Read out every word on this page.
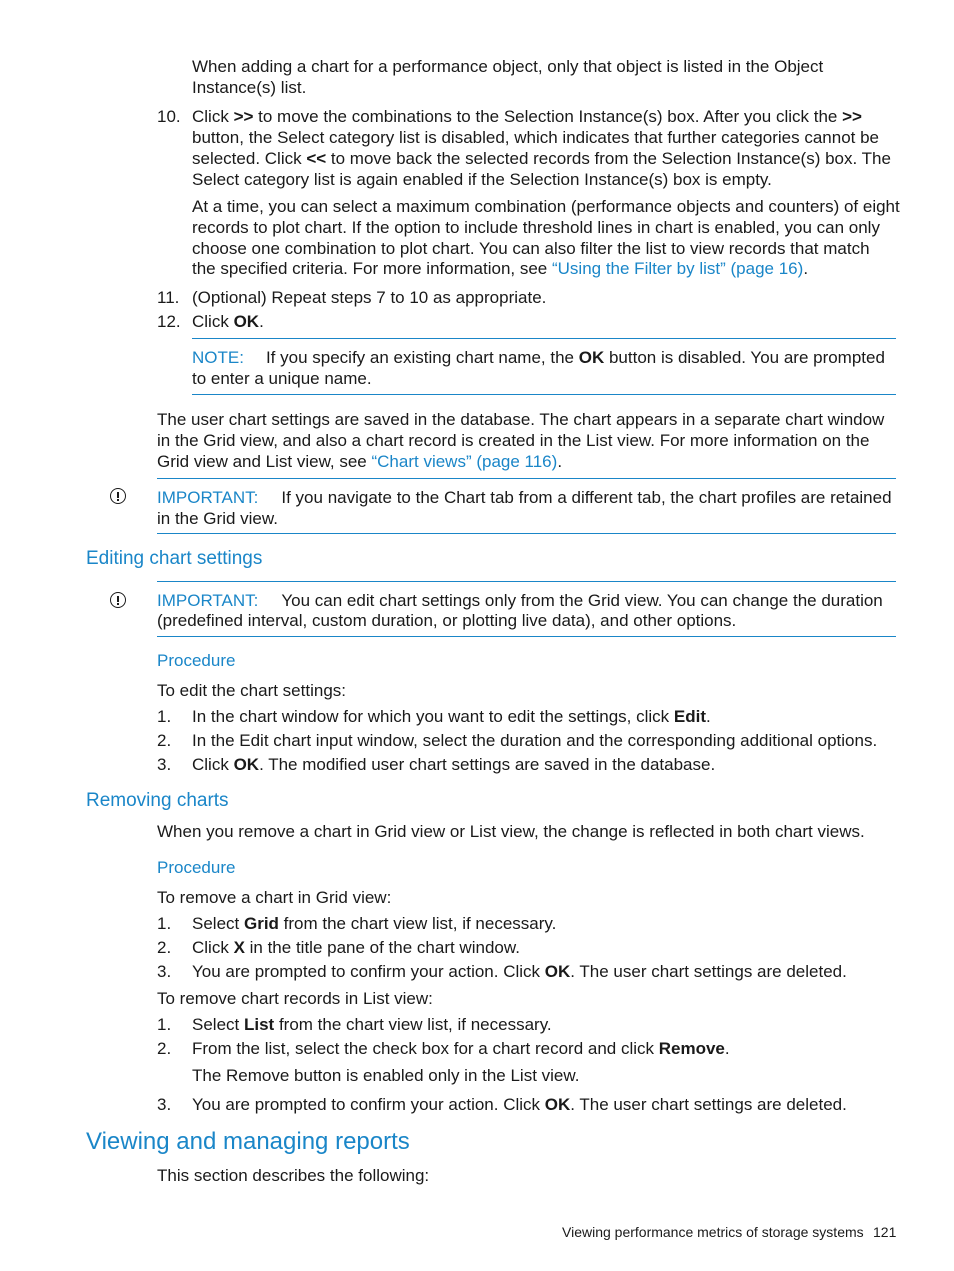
When adding a chart for a performance object, only that object is listed in the Object
Instance(s) list.
10. Click >> to move the combinations to the Selection Instance(s) box. After you click the >>
button, the Select category list is disabled, which indicates that further categories cannot be
selected. Click << to move back the selected records from the Selection Instance(s) box. The
Select category list is again enabled if the Selection Instance(s) box is empty.
At a time, you can select a maximum combination (performance objects and counters) of eight
records to plot chart. If the option to include threshold lines in chart is enabled, you can only
choose one combination to plot chart. You can also filter the list to view records that match
the specified criteria. For more information, see “Using the Filter by list” (page 16).
11. (Optional) Repeat steps 7 to 10 as appropriate.
12. Click OK.
NOTE: If you specify an existing chart name, the OK button is disabled. You are prompted
to enter a unique name.
The user chart settings are saved in the database. The chart appears in a separate chart window
in the Grid view, and also a chart record is created in the List view. For more information on the
Grid view and List view, see “Chart views” (page 116).
IMPORTANT: If you navigate to the Chart tab from a different tab, the chart profiles are retained
in the Grid view.
Editing chart settings
IMPORTANT: You can edit chart settings only from the Grid view. You can change the duration
(predefined interval, custom duration, or plotting live data), and other options.
Procedure
To edit the chart settings:
1. In the chart window for which you want to edit the settings, click Edit.
2. In the Edit chart input window, select the duration and the corresponding additional options.
3. Click OK. The modified user chart settings are saved in the database.
Removing charts
When you remove a chart in Grid view or List view, the change is reflected in both chart views.
Procedure
To remove a chart in Grid view:
1. Select Grid from the chart view list, if necessary.
2. Click X in the title pane of the chart window.
3. You are prompted to confirm your action. Click OK. The user chart settings are deleted.
To remove chart records in List view:
1. Select List from the chart view list, if necessary.
2. From the list, select the check box for a chart record and click Remove.
The Remove button is enabled only in the List view.
3. You are prompted to confirm your action. Click OK. The user chart settings are deleted.
Viewing and managing reports
This section describes the following:
Viewing performance metrics of storage systems 121
